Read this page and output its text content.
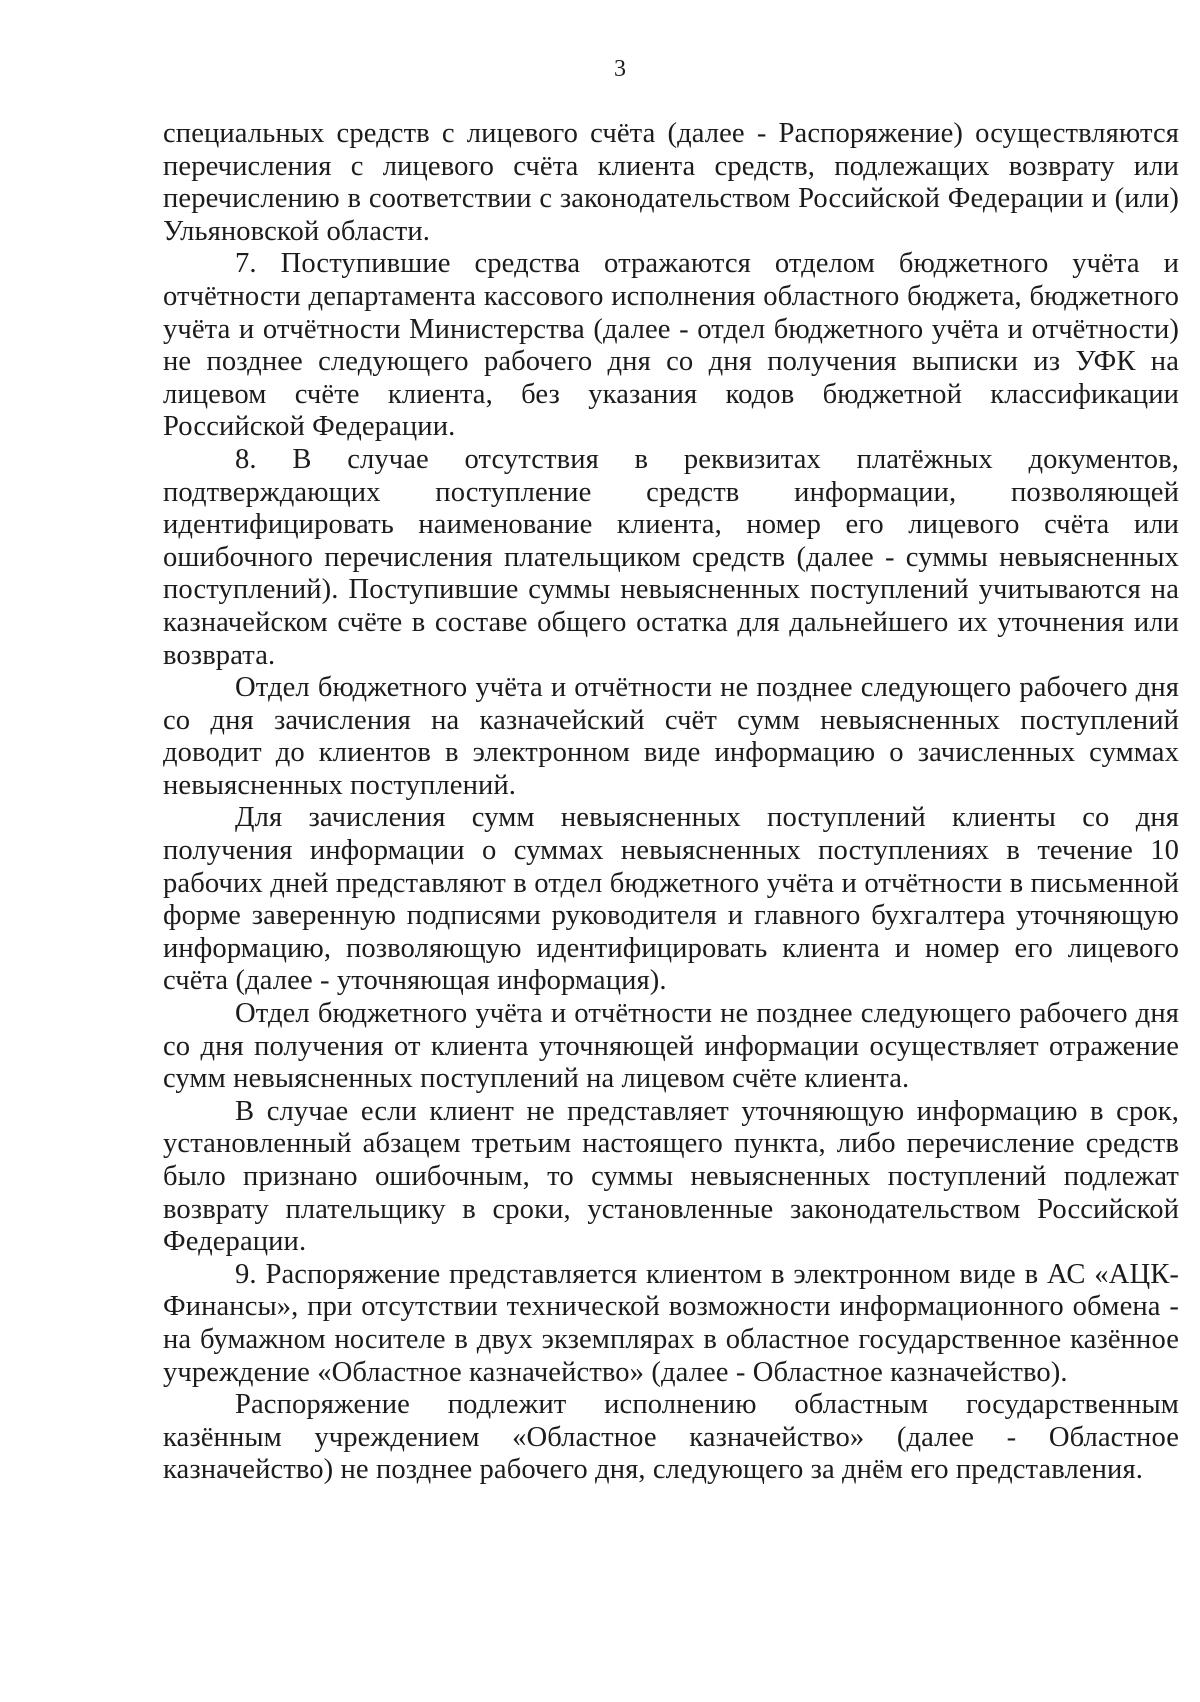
3

специальных средств с лицевого счёта (далее - Распоряжение) осуществляются перечисления с лицевого счёта клиента средств, подлежащих возврату или перечислению в соответствии с законодательством Российской Федерации и (или) Ульяновской области.

7. Поступившие средства отражаются отделом бюджетного учёта и отчётности департамента кассового исполнения областного бюджета, бюджетного учёта и отчётности Министерства (далее - отдел бюджетного учёта и отчётности) не позднее следующего рабочего дня со дня получения выписки из УФК на лицевом счёте клиента, без указания кодов бюджетной классификации Российской Федерации.

8. В случае отсутствия в реквизитах платёжных документов, подтверждающих поступление средств информации, позволяющей идентифицировать наименование клиента, номер его лицевого счёта или ошибочного перечисления плательщиком средств (далее - суммы невыясненных поступлений). Поступившие суммы невыясненных поступлений учитываются на казначейском счёте в составе общего остатка для дальнейшего их уточнения или возврата.

Отдел бюджетного учёта и отчётности не позднее следующего рабочего дня со дня зачисления на казначейский счёт сумм невыясненных поступлений доводит до клиентов в электронном виде информацию о зачисленных суммах невыясненных поступлений.

Для зачисления сумм невыясненных поступлений клиенты со дня получения информации о суммах невыясненных поступлениях в течение 10 рабочих дней представляют в отдел бюджетного учёта и отчётности в письменной форме заверенную подписями руководителя и главного бухгалтера уточняющую информацию, позволяющую идентифицировать клиента и номер его лицевого счёта (далее - уточняющая информация).

Отдел бюджетного учёта и отчётности не позднее следующего рабочего дня со дня получения от клиента уточняющей информации осуществляет отражение сумм невыясненных поступлений на лицевом счёте клиента.

В случае если клиент не представляет уточняющую информацию в срок, установленный абзацем третьим настоящего пункта, либо перечисление средств было признано ошибочным, то суммы невыясненных поступлений подлежат возврату плательщику в сроки, установленные законодательством Российской Федерации.

9. Распоряжение представляется клиентом в электронном виде в АС «АЦК-Финансы», при отсутствии технической возможности информационного обмена - на бумажном носителе в двух экземплярах в областное государственное казённое учреждение «Областное казначейство» (далее - Областное казначейство).

Распоряжение подлежит исполнению областным государственным казённым учреждением «Областное казначейство» (далее - Областное казначейство) не позднее рабочего дня, следующего за днём его представления.
